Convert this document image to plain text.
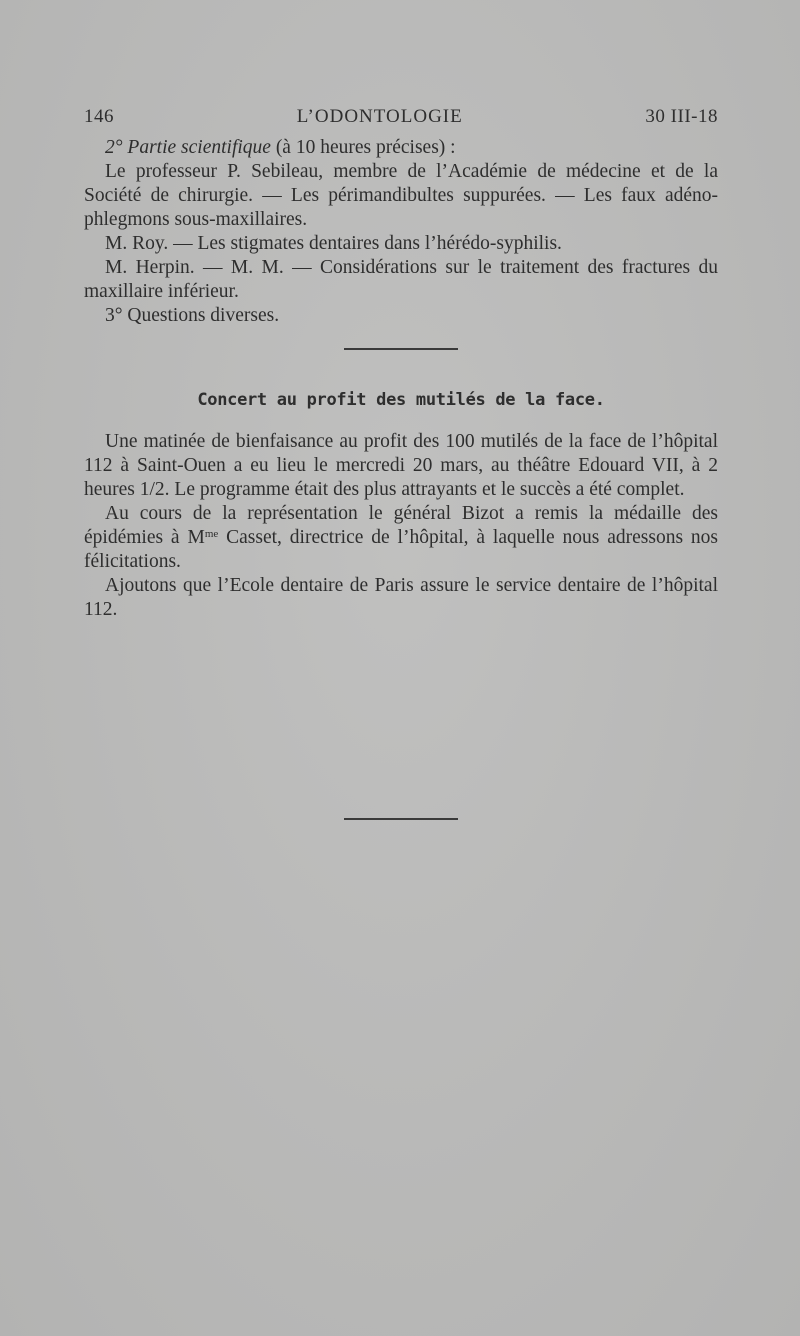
146	L’ODONTOLOGIE	30 III-18

2° Partie scientifique (à 10 heures précises) :

Le professeur P. Sebileau, membre de l’Académie de médecine et de la Société de chirurgie. — Les périmandibultes suppurées. — Les faux adéno-phlegmons sous-maxillaires.

M. Roy. — Les stigmates dentaires dans l’hérédo-syphilis.

M. Herpin. — M. M. — Considérations sur le traitement des fractures du maxillaire inférieur.

3° Questions diverses.

Concert au profit des mutilés de la face.

Une matinée de bienfaisance au profit des 100 mutilés de la face de l’hôpital 112 à Saint-Ouen a eu lieu le mercredi 20 mars, au théâtre Edouard VII, à 2 heures 1/2. Le programme était des plus attrayants et le succès a été complet.

Au cours de la représentation le général Bizot a remis la médaille des épidémies à $M^{me}$ Casset, directrice de l’hôpital, à laquelle nous adressons nos félicitations.

Ajoutons que l’Ecole dentaire de Paris assure le service dentaire de l’hôpital 112.
